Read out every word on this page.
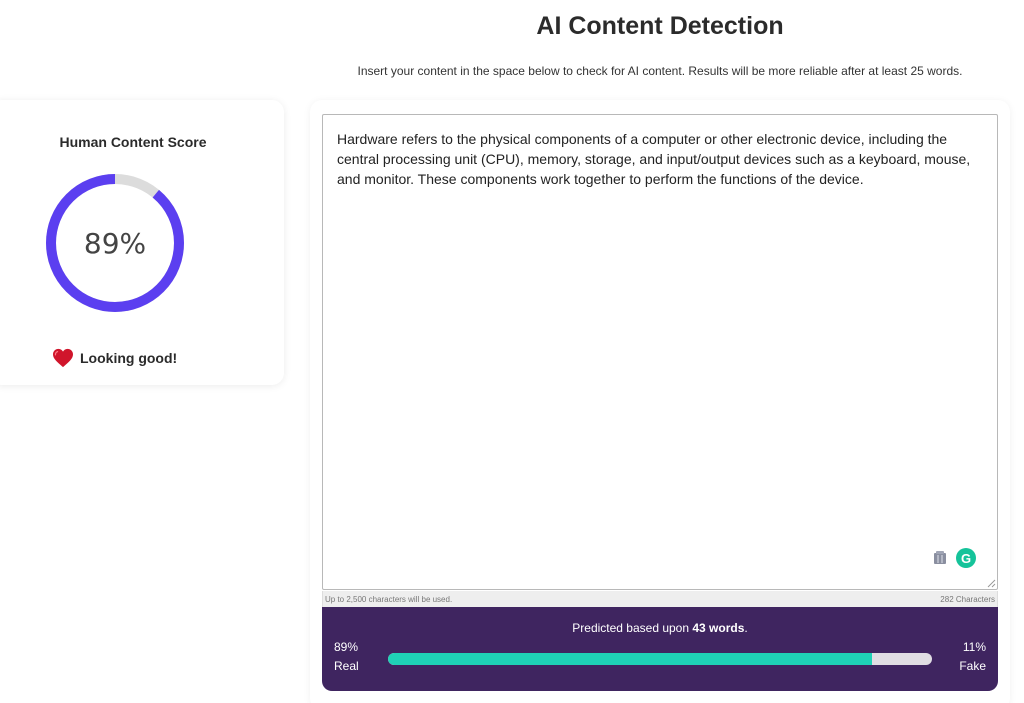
AI Content Detection
Insert your content in the space below to check for AI content. Results will be more reliable after at least 25 words.
Human Content Score
89%
Looking good!
Hardware refers to the physical components of a computer or other electronic device, including the central processing unit (CPU), memory, storage, and input/output devices such as a keyboard, mouse, and monitor. These components work together to perform the functions of the device.
G
Up to 2,500 characters will be used.	282 Characters
Predicted based upon 43 words.
89%
Real
11%
Fake
